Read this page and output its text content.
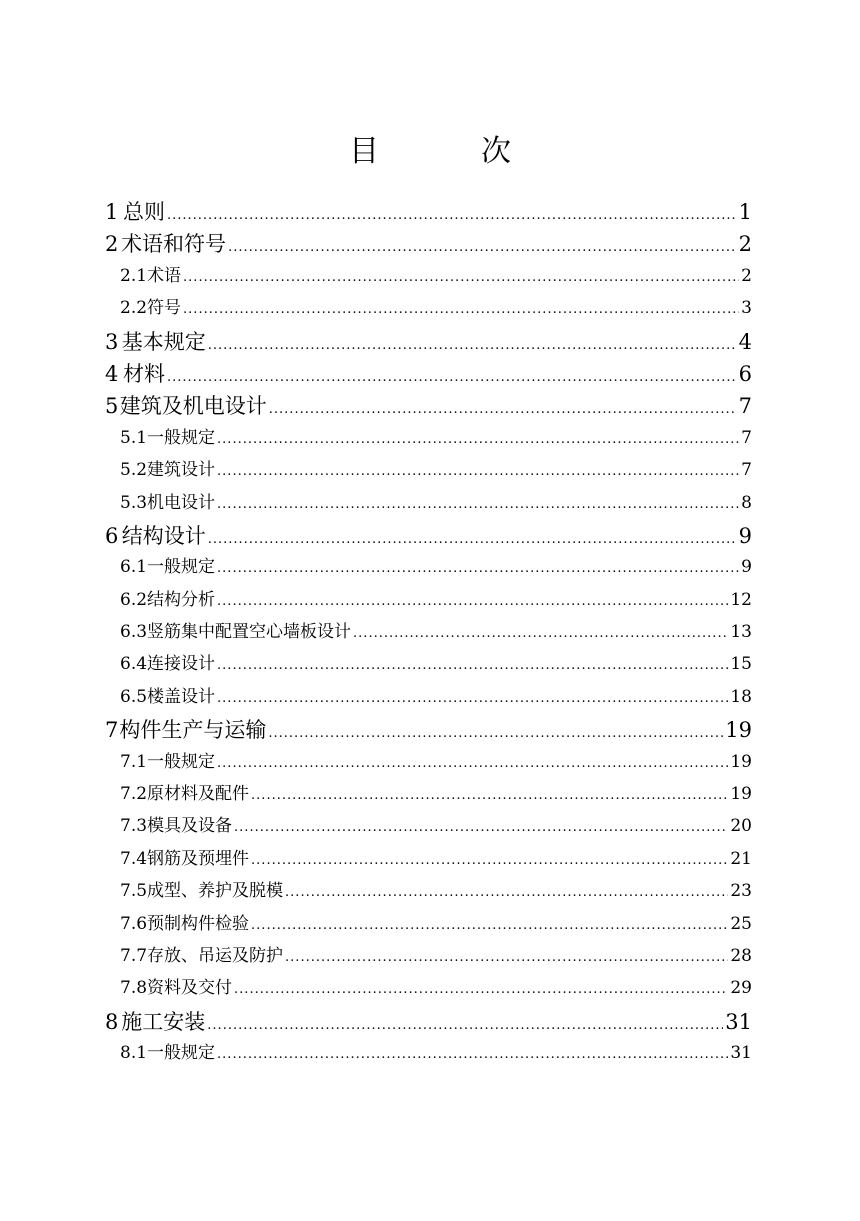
目　次
1 总则 .....	1
2 术语和符号 .....	2
2.1 术语 .....	2
2.2 符号 .....	3
3 基本规定 .....	4
4 材料 .....	6
5 建筑及机电设计 .....	7
5.1 一般规定 .....	7
5.2 建筑设计 .....	7
5.3 机电设计 .....	8
6 结构设计 .....	9
6.1 一般规定 .....	9
6.2 结构分析 .....	12
6.3 竖筋集中配置空心墙板设计 .....	13
6.4 连接设计 .....	15
6.5 楼盖设计 .....	18
7 构件生产与运输 .....	19
7.1 一般规定 .....	19
7.2 原材料及配件 .....	19
7.3 模具及设备 .....	20
7.4 钢筋及预埋件 .....	21
7.5 成型、养护及脱模 .....	23
7.6 预制构件检验 .....	25
7.7 存放、吊运及防护 .....	28
7.8 资料及交付 .....	29
8 施工安装 .....	31
8.1 一般规定 .....	31
